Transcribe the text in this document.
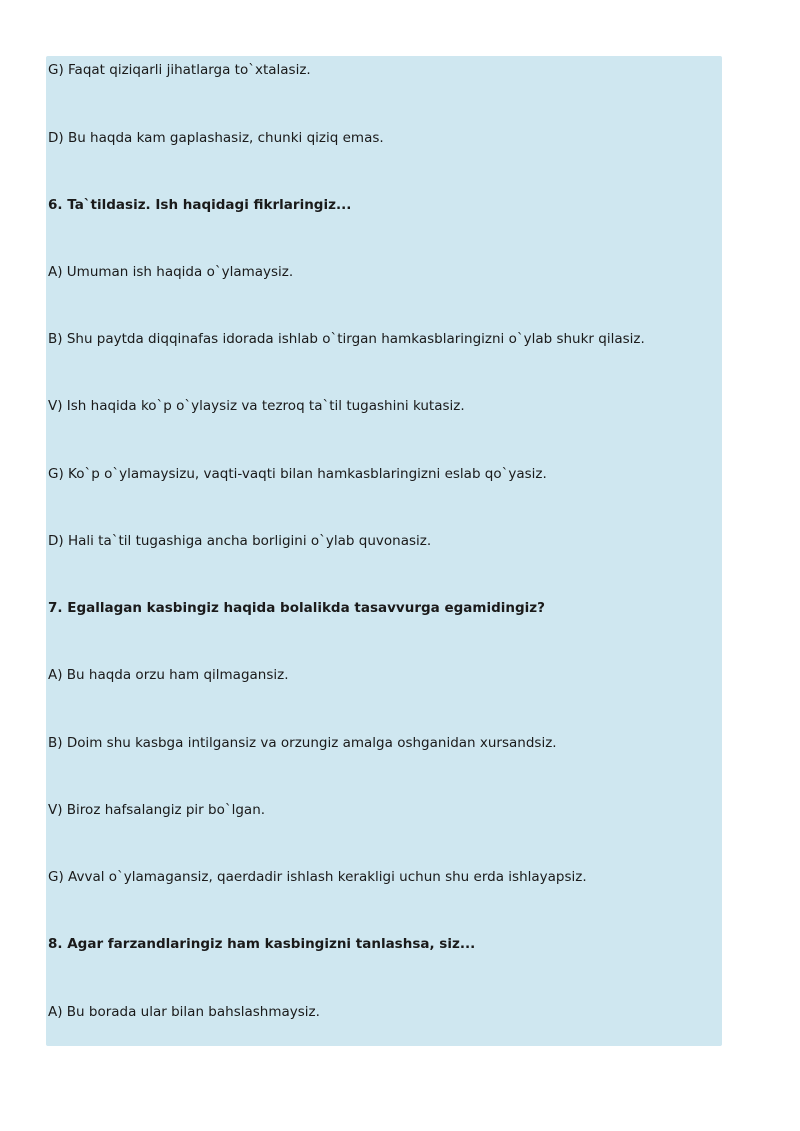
G) Faqat qiziqarli jihatlarga to`xtalasiz.
D) Bu haqda kam gaplashasiz, chunki qiziq emas.
6. Ta`tildasiz. Ish haqidagi fikrlaringiz...
A) Umuman ish haqida o`ylamaysiz.
B) Shu paytda diqqinafas idorada ishlab o`tirgan hamkasblaringizni o`ylab shukr qilasiz.
V) Ish haqida ko`p o`ylaysiz va tezroq ta`til tugashini kutasiz.
G) Ko`p o`ylamaysizu, vaqti-vaqti bilan hamkasblaringizni eslab qo`yasiz.
D) Hali ta`til tugashiga ancha borligini o`ylab quvonasiz.
7. Egallagan kasbingiz haqida bolalikda tasavvurga egamidingiz?
A) Bu haqda orzu ham qilmagansiz.
B) Doim shu kasbga intilgansiz va orzungiz amalga oshganidan xursandsiz.
V) Biroz hafsalangiz pir bo`lgan.
G) Avval o`ylamagansiz, qaerdadir ishlash kerakligi uchun shu erda ishlayapsiz.
8. Agar farzandlaringiz ham kasbingizni tanlashsa, siz...
A) Bu borada ular bilan bahslashmaysiz.
